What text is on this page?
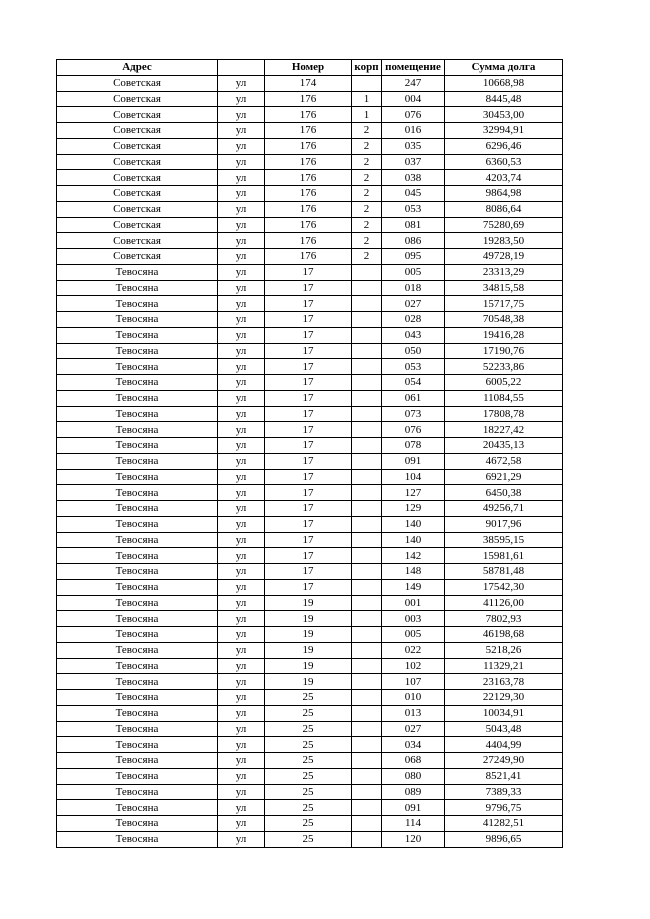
Адрес		Номер	корп	помещение	Сумма долга
Советская	ул	174		247	10668,98
Советская	ул	176	1	004	8445,48
Советская	ул	176	1	076	30453,00
Советская	ул	176	2	016	32994,91
Советская	ул	176	2	035	6296,46
Советская	ул	176	2	037	6360,53
Советская	ул	176	2	038	4203,74
Советская	ул	176	2	045	9864,98
Советская	ул	176	2	053	8086,64
Советская	ул	176	2	081	75280,69
Советская	ул	176	2	086	19283,50
Советская	ул	176	2	095	49728,19
Тевосяна	ул	17		005	23313,29
Тевосяна	ул	17		018	34815,58
Тевосяна	ул	17		027	15717,75
Тевосяна	ул	17		028	70548,38
Тевосяна	ул	17		043	19416,28
Тевосяна	ул	17		050	17190,76
Тевосяна	ул	17		053	52233,86
Тевосяна	ул	17		054	6005,22
Тевосяна	ул	17		061	11084,55
Тевосяна	ул	17		073	17808,78
Тевосяна	ул	17		076	18227,42
Тевосяна	ул	17		078	20435,13
Тевосяна	ул	17		091	4672,58
Тевосяна	ул	17		104	6921,29
Тевосяна	ул	17		127	6450,38
Тевосяна	ул	17		129	49256,71
Тевосяна	ул	17		140	9017,96
Тевосяна	ул	17		140	38595,15
Тевосяна	ул	17		142	15981,61
Тевосяна	ул	17		148	58781,48
Тевосяна	ул	17		149	17542,30
Тевосяна	ул	19		001	41126,00
Тевосяна	ул	19		003	7802,93
Тевосяна	ул	19		005	46198,68
Тевосяна	ул	19		022	5218,26
Тевосяна	ул	19		102	11329,21
Тевосяна	ул	19		107	23163,78
Тевосяна	ул	25		010	22129,30
Тевосяна	ул	25		013	10034,91
Тевосяна	ул	25		027	5043,48
Тевосяна	ул	25		034	4404,99
Тевосяна	ул	25		068	27249,90
Тевосяна	ул	25		080	8521,41
Тевосяна	ул	25		089	7389,33
Тевосяна	ул	25		091	9796,75
Тевосяна	ул	25		114	41282,51
Тевосяна	ул	25		120	9896,65
